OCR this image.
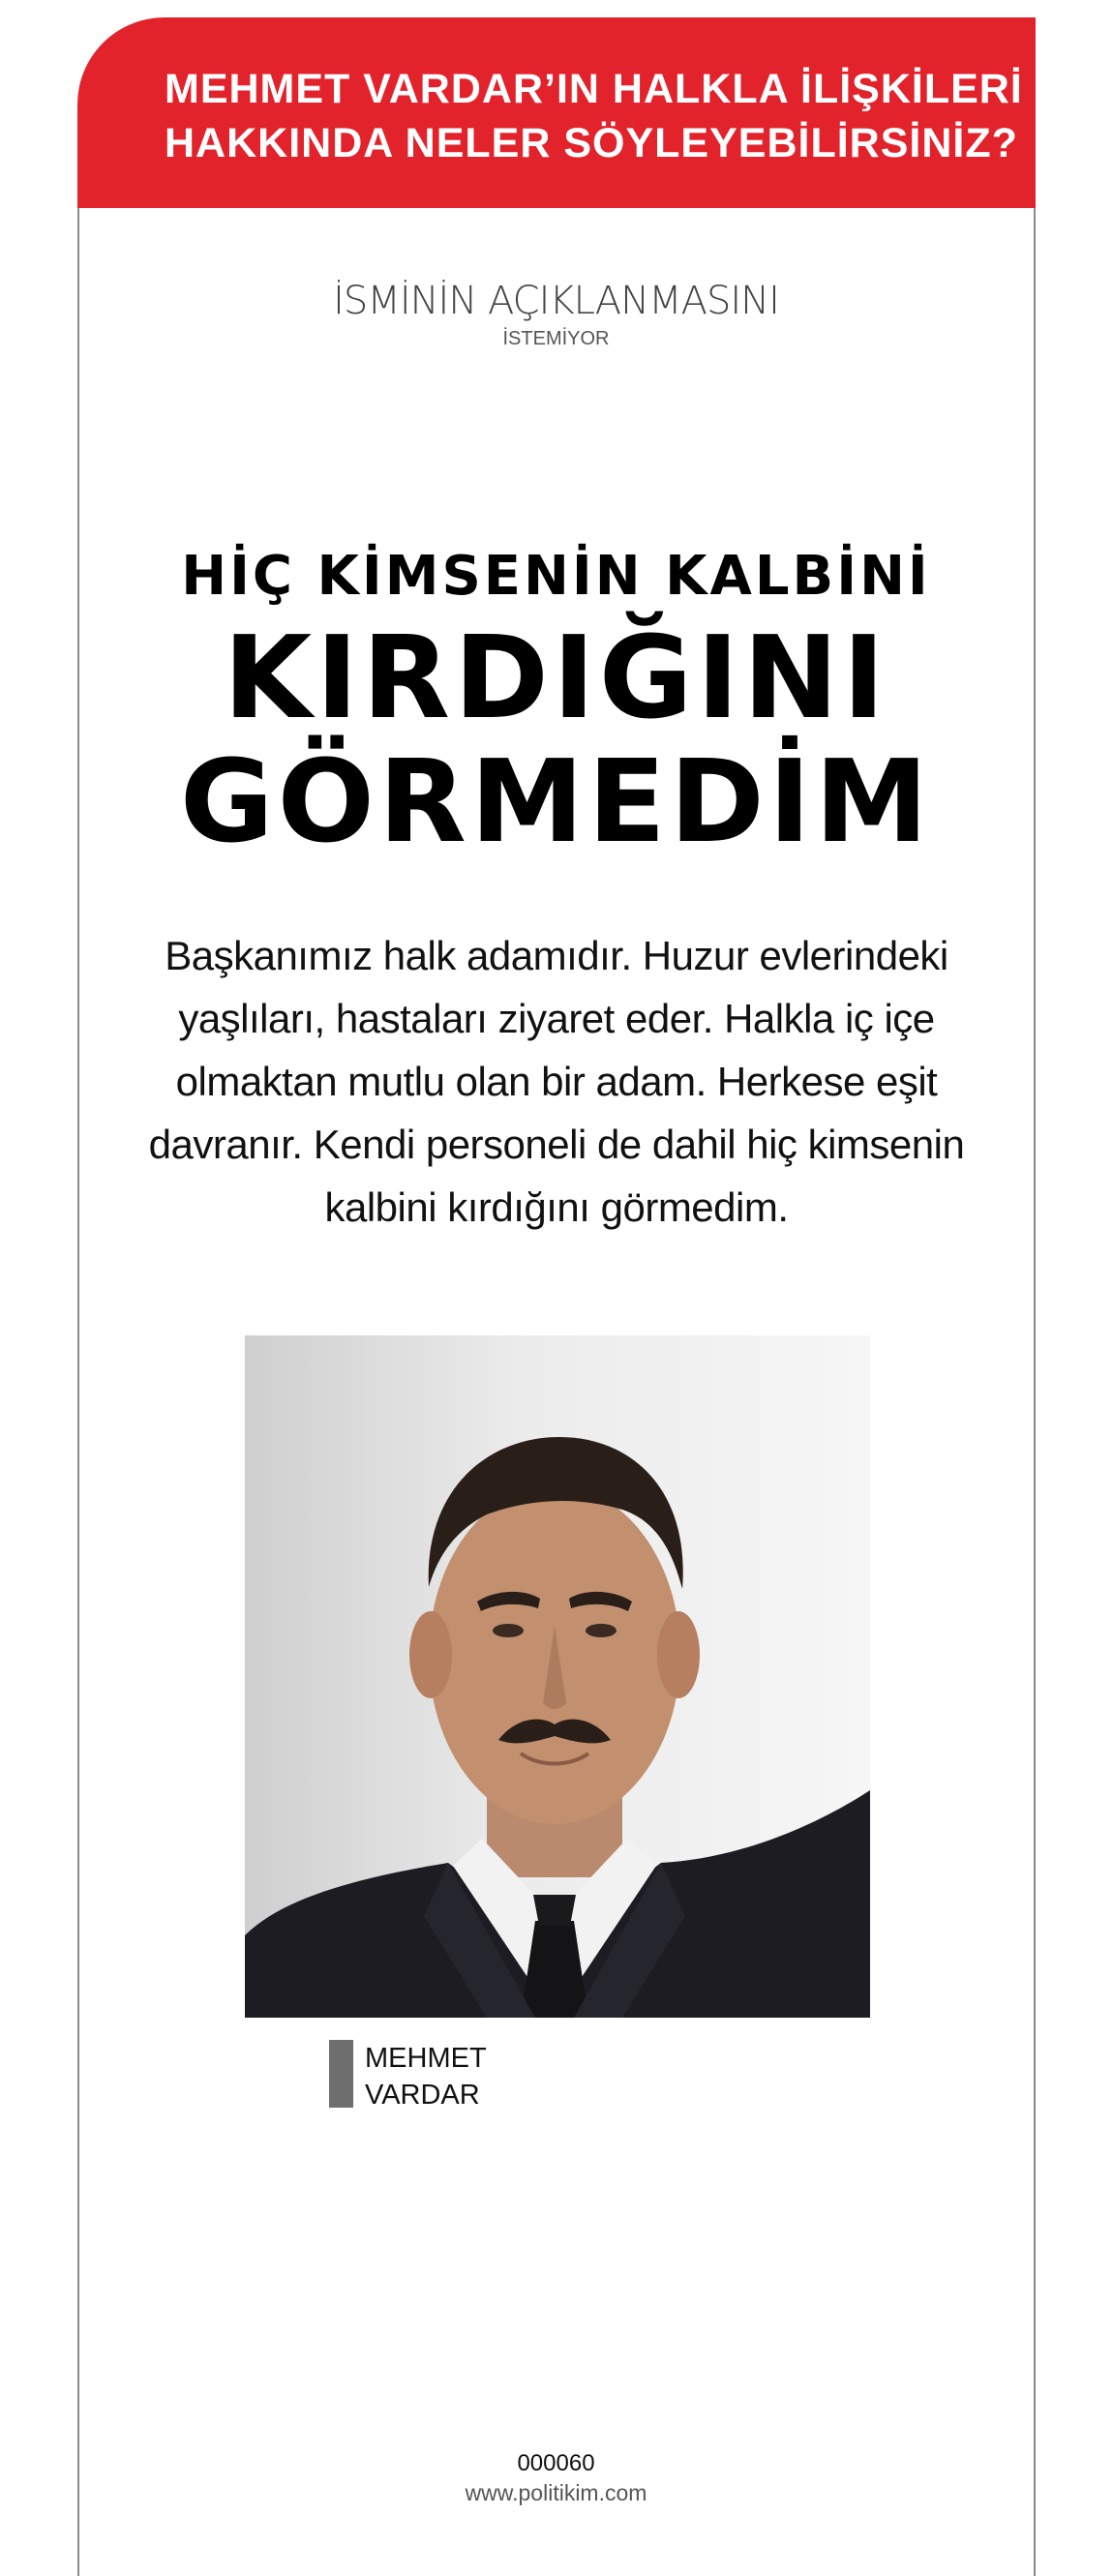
MEHMET VARDAR’IN HALKLA İLİŞKİLERİ
HAKKINDA NELER SÖYLEYEBİLİRSİNİZ?
İSMİNİN AÇIKLANMASINI
İSTEMİYOR
HİÇ KİMSENİN KALBİNİ
KIRDIĞINI
GÖRMEDİM
Başkanımız halk adamıdır. Huzur evlerindeki
yaşlıları, hastaları ziyaret eder. Halkla iç içe
olmaktan mutlu olan bir adam. Herkese eşit
davranır. Kendi personeli de dahil hiç kimsenin
kalbini kırdığını görmedim.
MEHMET
VARDAR
000060
www.politikim.com
